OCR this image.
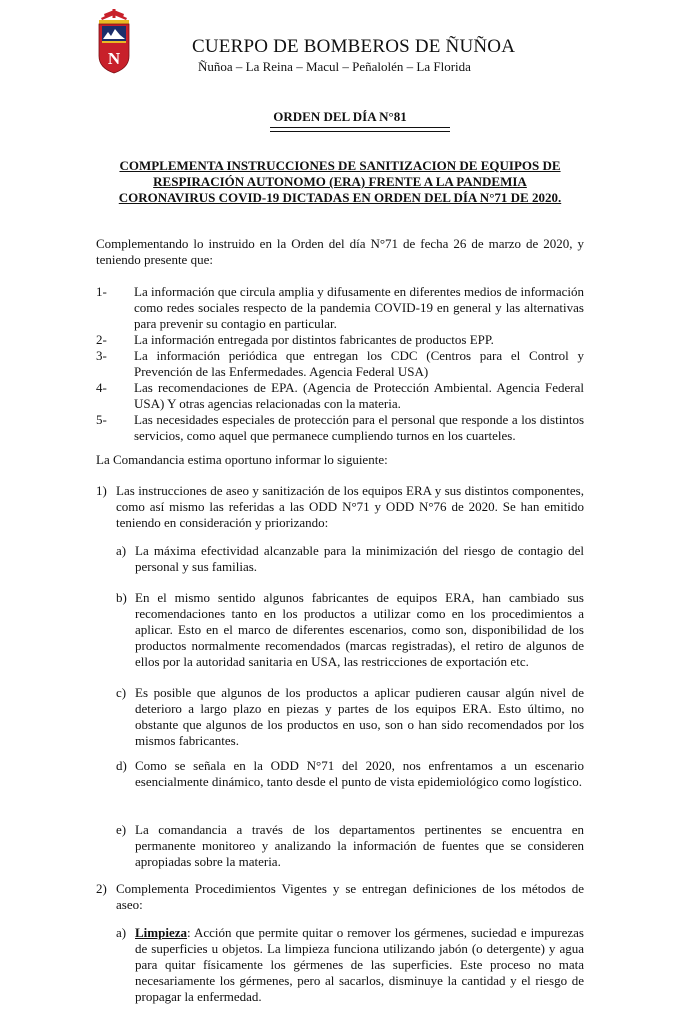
N
CUERPO DE BOMBEROS DE ÑUÑOA
Ñuñoa – La Reina – Macul – Peñalolén – La Florida
ORDEN DEL DÍA N°81
COMPLEMENTA INSTRUCCIONES DE SANITIZACION DE EQUIPOS DE
RESPIRACIÓN AUTONOMO (ERA) FRENTE A LA PANDEMIA
CORONAVIRUS COVID-19 DICTADAS EN ORDEN DEL DÍA N°71 DE 2020.
Complementando lo instruido en la Orden del día N°71 de fecha 26 de marzo de 2020, y teniendo presente que:
1-	La información que circula amplia y difusamente en diferentes medios de información como redes sociales respecto de la pandemia COVID-19 en general y las alternativas para prevenir su contagio en particular.
2-	La información entregada por distintos fabricantes de productos EPP.
3-	La información periódica que entregan los CDC (Centros para el Control y Prevención de las Enfermedades. Agencia Federal USA)
4-	Las recomendaciones de EPA. (Agencia de Protección Ambiental. Agencia Federal USA) Y otras agencias relacionadas con la materia.
5-	Las necesidades especiales de protección para el personal que responde a los distintos servicios, como aquel que permanece cumpliendo turnos en los cuarteles.
La Comandancia estima oportuno informar lo siguiente:
1) Las instrucciones de aseo y sanitización de los equipos ERA y sus distintos componentes, como así mismo las referidas a las ODD N°71 y ODD N°76 de 2020. Se han emitido teniendo en consideración y priorizando:
a) La máxima efectividad alcanzable para la minimización del riesgo de contagio del personal y sus familias.
b) En el mismo sentido algunos fabricantes de equipos ERA, han cambiado sus recomendaciones tanto en los productos a utilizar como en los procedimientos a aplicar. Esto en el marco de diferentes escenarios, como son, disponibilidad de los productos normalmente recomendados (marcas registradas), el retiro de algunos de ellos por la autoridad sanitaria en USA, las restricciones de exportación etc.
c) Es posible que algunos de los productos a aplicar pudieren causar algún nivel de deterioro a largo plazo en piezas y partes de los equipos ERA. Esto último, no obstante que algunos de los productos en uso, son o han sido recomendados por los mismos fabricantes.
d) Como se señala en la ODD N°71 del 2020, nos enfrentamos a un escenario esencialmente dinámico, tanto desde el punto de vista epidemiológico como logístico.
e) La comandancia a través de los departamentos pertinentes se encuentra en permanente monitoreo y analizando la información de fuentes que se consideren apropiadas sobre la materia.
2) Complementa Procedimientos Vigentes y se entregan definiciones de los métodos de aseo:
a) Limpieza: Acción que permite quitar o remover los gérmenes, suciedad e impurezas de superficies u objetos. La limpieza funciona utilizando jabón (o detergente) y agua para quitar físicamente los gérmenes de las superficies. Este proceso no mata necesariamente los gérmenes, pero al sacarlos, disminuye la cantidad y el riesgo de propagar la enfermedad.
